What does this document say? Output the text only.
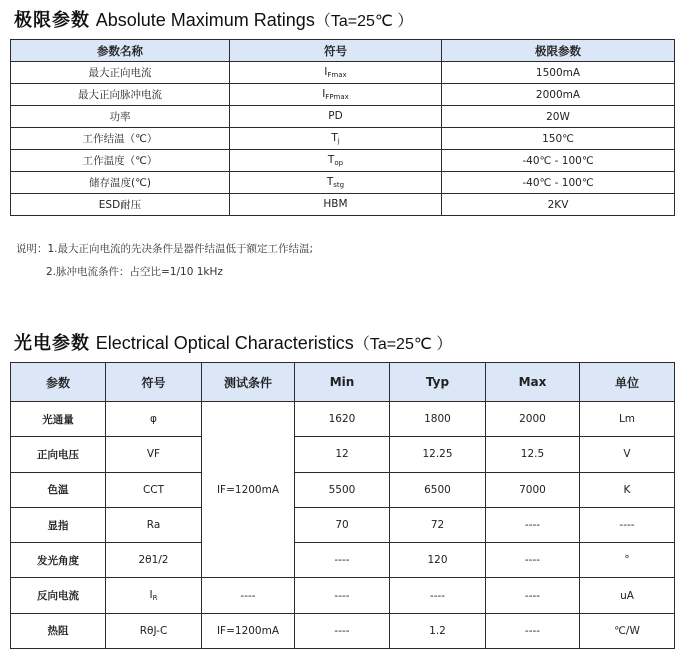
极限参数 Absolute Maximum Ratings（Ta=25℃ ）
参数名称	符号	极限参数
最大正向电流	$I_{Fmax}$	1500mA
最大正向脉冲电流	$I_{FPmax}$	2000mA
功率	PD	20W
工作结温（℃）	$T_j$	150℃
工作温度（℃）	$T_{op}$	-40℃ - 100℃
储存温度(℃)	$T_{stg}$	-40℃ - 100℃
ESD耐压	HBM	2KV
说明：1.最大正向电流的先决条件是器件结温低于额定工作结温;
2.脉冲电流条件：占空比=1/10 1kHz
光电参数 Electrical Optical Characteristics（Ta=25℃ ）
参数	符号	测试条件	Min	Typ	Max	单位
光通量	φ	IF=1200mA	1620	1800	2000	Lm
正向电压	VF		12	12.25	12.5	V
色温	CCT		5500	6500	7000	K
显指	Ra		70	72	----	----
发光角度	2θ1/2		----	120	----	°
反向电流	$I_R$	----	----	----	----	uA
热阻	RθJ-C	IF=1200mA	----	1.2	----	℃/W
